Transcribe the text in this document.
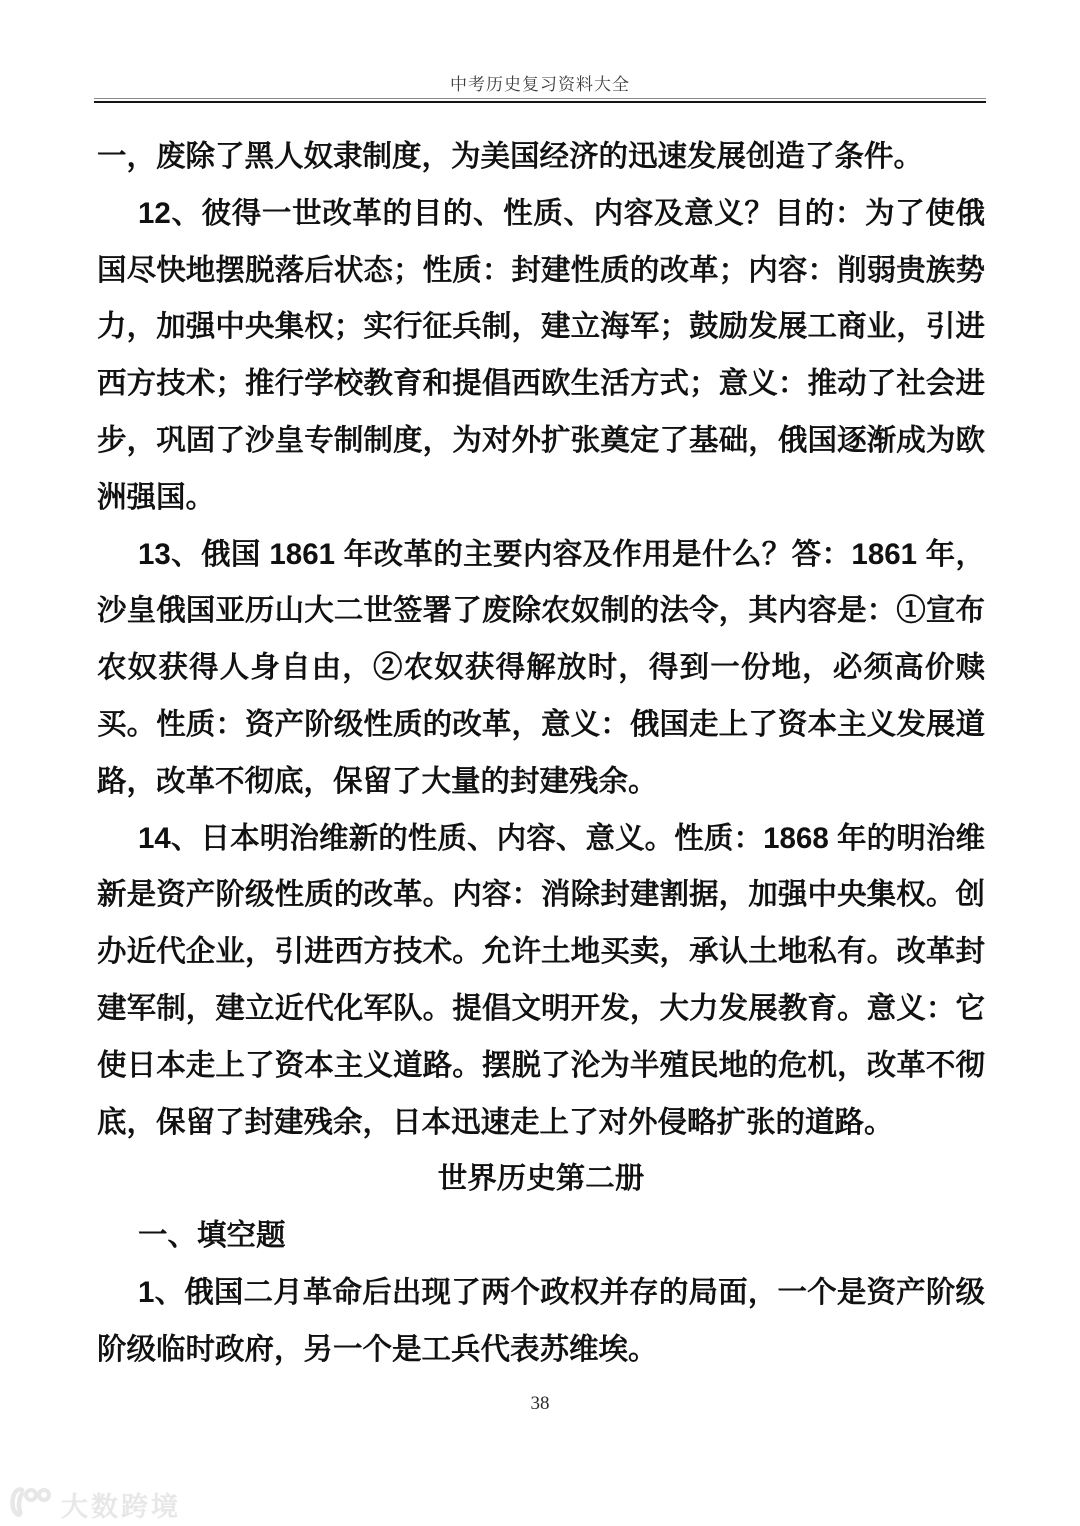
中考历史复习资料大全
一，废除了黑人奴隶制度，为美国经济的迅速发展创造了条件。
12、彼得一世改革的目的、性质、内容及意义？目的：为了使俄
国尽快地摆脱落后状态；性质：封建性质的改革；内容：削弱贵族势
力，加强中央集权；实行征兵制，建立海军；鼓励发展工商业，引进
西方技术；推行学校教育和提倡西欧生活方式；意义：推动了社会进
步，巩固了沙皇专制制度，为对外扩张奠定了基础，俄国逐渐成为欧
洲强国。
13、俄国 1861 年改革的主要内容及作用是什么？答：1861 年，
沙皇俄国亚历山大二世签署了废除农奴制的法令，其内容是：①宣布
农奴获得人身自由，②农奴获得解放时，得到一份地，必须高价赎
买。性质：资产阶级性质的改革，意义：俄国走上了资本主义发展道
路，改革不彻底，保留了大量的封建残余。
14、日本明治维新的性质、内容、意义。性质：1868 年的明治维
新是资产阶级性质的改革。内容：消除封建割据，加强中央集权。创
办近代企业，引进西方技术。允许土地买卖，承认土地私有。改革封
建军制，建立近代化军队。提倡文明开发，大力发展教育。意义：它
使日本走上了资本主义道路。摆脱了沦为半殖民地的危机，改革不彻
底，保留了封建残余，日本迅速走上了对外侵略扩张的道路。
世界历史第二册
一、填空题
1、俄国二月革命后出现了两个政权并存的局面，一个是资产阶级
阶级临时政府，另一个是工兵代表苏维埃。
38
大数跨境
